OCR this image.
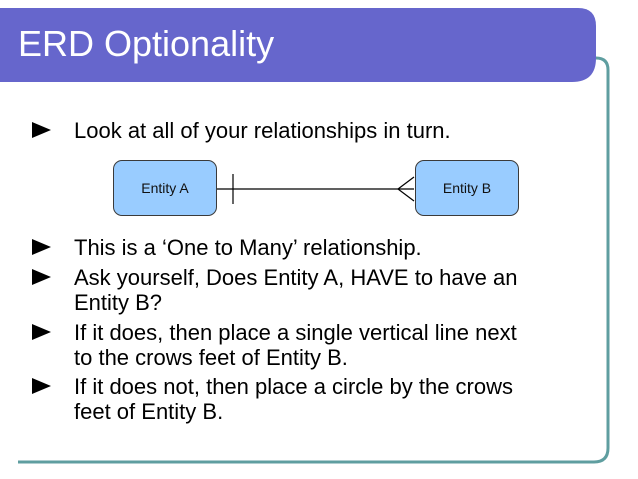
ERD Optionality
Entity A	Entity B
Look at all of your relationships in turn.
This is a ‘One to Many’ relationship.
Ask yourself, Does Entity A, HAVE to have an
Entity B?
If it does, then place a single vertical line next
to the crows feet of Entity B.
If it does not, then place a circle by the crows
feet of Entity B.
